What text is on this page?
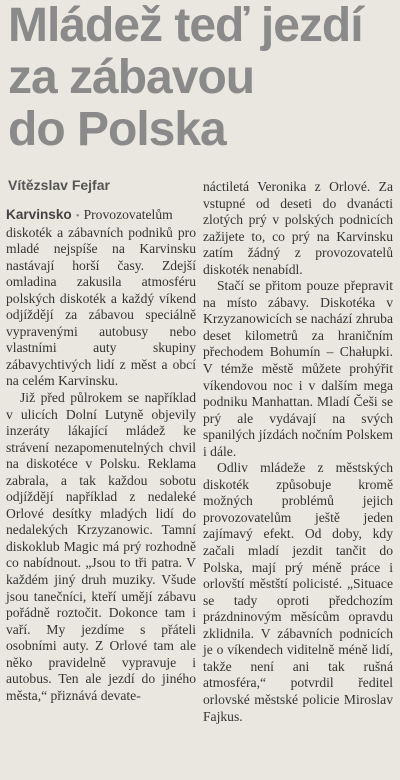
Mládež teď jezdí
za zábavou
do Polska
Vítězslav Fejfar

Karvinsko • Provozovatelům diskoték a zábavních podniků pro mladé nejspíše na Karvinsku nastávají horší časy. Zdejší omladina zakusila atmosféru polských diskoték a každý víkend odjíždějí za zábavou speciálně vypravenými autobusy nebo vlastními auty skupiny zábavychtivých lidí z měst a obcí na celém Karvinsku.

Již před půlrokem se například v ulicích Dolní Lutyně objevily inzeráty lákající mládež ke strávení nezapomenutelných chvil na diskotéce v Polsku. Reklama zabrala, a tak každou sobotu odjíždějí například z nedaleké Orlové desítky mladých lidí do nedalekých Krzyzanowic. Tamní diskoklub Magic má prý rozhodně co nabídnout. „Jsou to tři patra. V každém jiný druh muziky. Všude jsou tanečníci, kteří umějí zábavu pořádně roztočit. Dokonce tam i vaří. My jezdíme s přáteli osobními auty. Z Orlové tam ale něko pravidelně vypravuje i autobus. Ten ale jezdí do jiného města,“ přiznává devate-

náctiletá Veronika z Orlové. Za vstupné od deseti do dvanácti zlotých prý v polských podnicích zažijete to, co prý na Karvinsku zatím žádný z provozovatelů diskoték nenabídl.

Stačí se přitom pouze přepravit na místo zábavy. Diskotéka v Krzyzanowicích se nachází zhruba deset kilometrů za hraničním přechodem Bohumín – Chałupki. V témže městě můžete prohýřit víkendovou noc i v dalším mega podniku Manhattan. Mladí Češi se prý ale vydávají na svých spanilých jízdách nočním Polskem i dále.

Odliv mládeže z městských diskoték způsobuje kromě možných problémů jejich provozovatelům ještě jeden zajímavý efekt. Od doby, kdy začali mladí jezdit tančit do Polska, mají prý méně práce i orlovští městští policisté. „Situace se tady oproti předchozím prázdninovým měsícům opravdu zklidnila. V zábavních podnicích je o víkendech viditelně méně lidí, takže není ani tak rušná atmosféra,“ potvrdil ředitel orlovské městské policie Miroslav Fajkus.
